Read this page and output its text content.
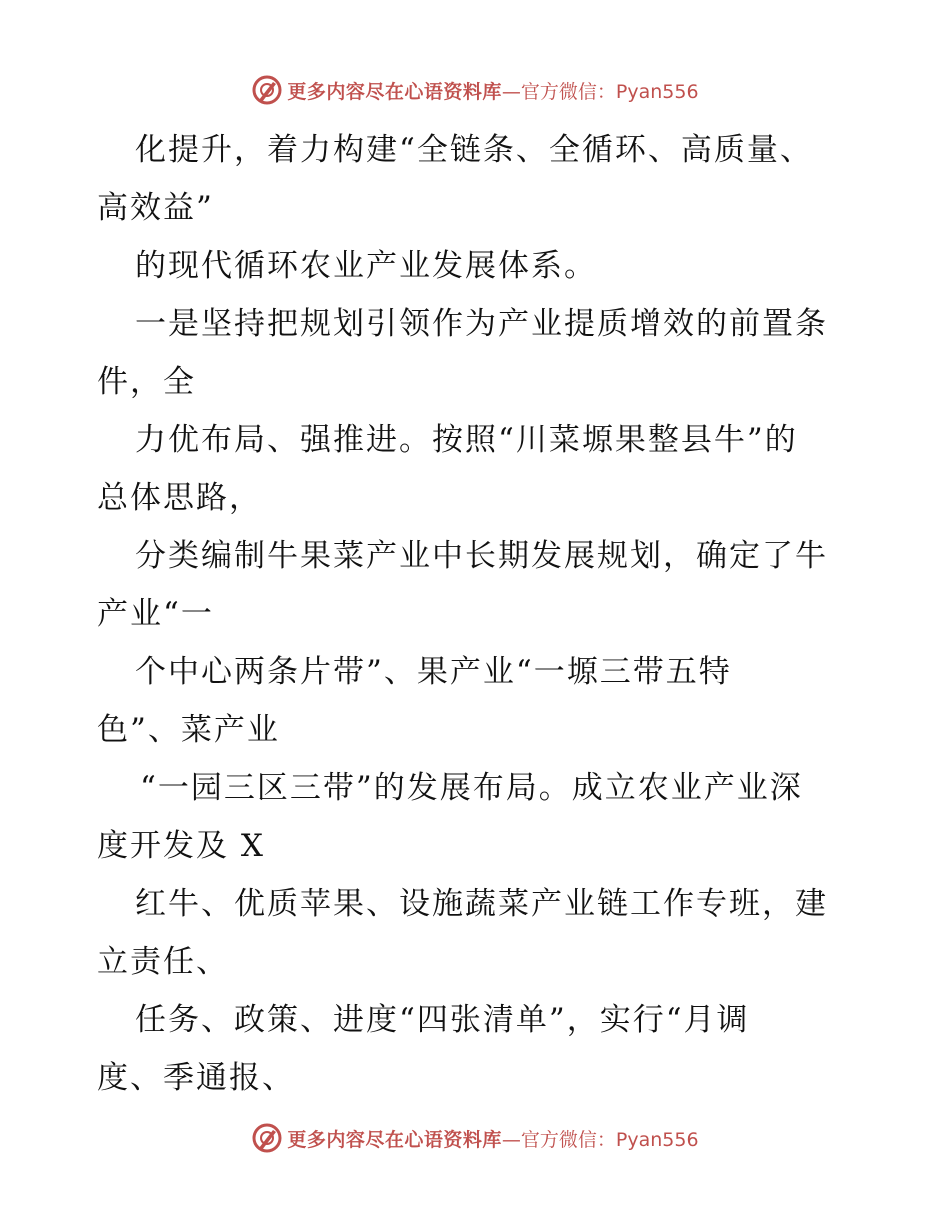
更多内容尽在心语资料库 —官方微信：Pyan556
化提升，着力构建“全链条、全循环、高质量、
高效益”
的现代循环农业产业发展体系。
一是坚持把规划引领作为产业提质增效的前置条
件，全
力优布局、强推进。按照“川菜塬果整县牛”的
总体思路，
分类编制牛果菜产业中长期发展规划，确定了牛
产业“一
个中心两条片带”、果产业“一塬三带五特
色”、菜产业
“一园三区三带”的发展布局。成立农业产业深
度开发及 X
红牛、优质苹果、设施蔬菜产业链工作专班，建
立责任、
任务、政策、进度“四张清单”，实行“月调
度、季通报、
更多内容尽在心语资料库 —官方微信：Pyan556
